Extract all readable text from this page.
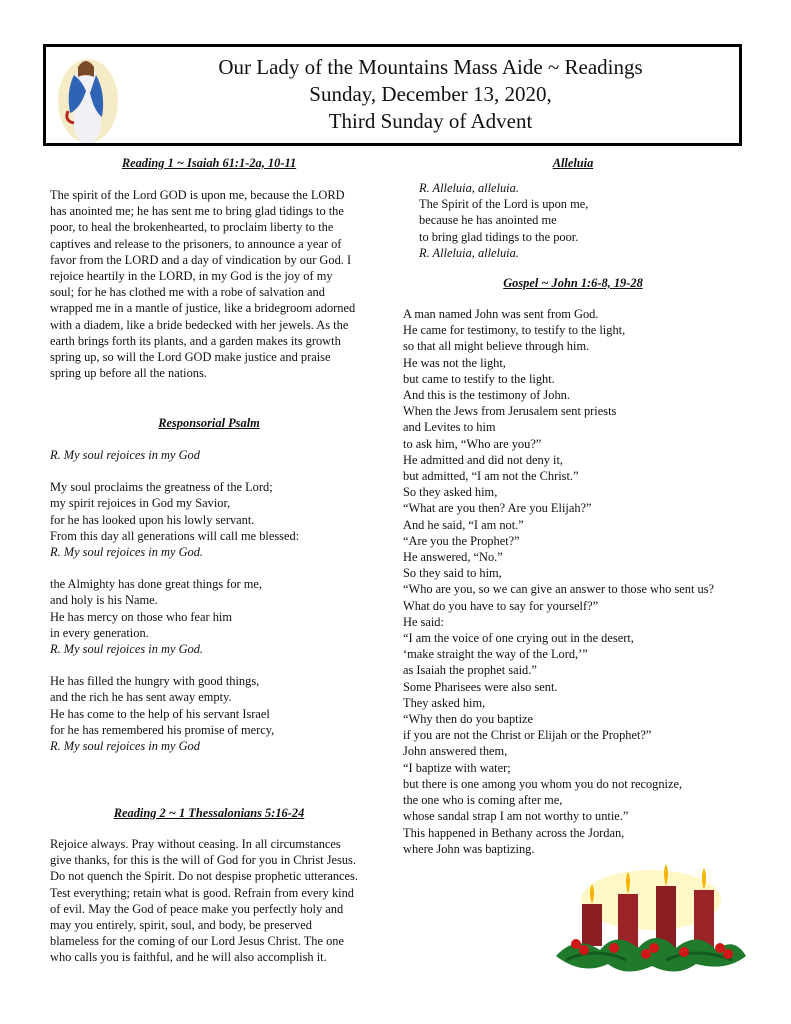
Our Lady of the Mountains Mass Aide ~ Readings
Sunday, December 13, 2020,
Third Sunday of Advent
Reading 1 ~ Isaiah 61:1-2a, 10-11
The spirit of the Lord GOD is upon me, because the LORD
has anointed me; he has sent me to bring glad tidings to the
poor, to heal the brokenhearted, to proclaim liberty to the
captives and release to the prisoners, to announce a year of
favor from the LORD and a day of vindication by our God. I
rejoice heartily in the LORD, in my God is the joy of my
soul; for he has clothed me with a robe of salvation and
wrapped me in a mantle of justice, like a bridegroom adorned
with a diadem, like a bride bedecked with her jewels. As the
earth brings forth its plants, and a garden makes its growth
spring up, so will the Lord GOD make justice and praise
spring up before all the nations.
Responsorial Psalm
R. My soul rejoices in my God
My soul proclaims the greatness of the Lord;
my spirit rejoices in God my Savior,
for he has looked upon his lowly servant.
From this day all generations will call me blessed:
R. My soul rejoices in my God.
the Almighty has done great things for me,
and holy is his Name.
He has mercy on those who fear him
in every generation.
R. My soul rejoices in my God.
He has filled the hungry with good things,
and the rich he has sent away empty.
He has come to the help of his servant Israel
for he has remembered his promise of mercy,
R. My soul rejoices in my God
Reading 2 ~ 1 Thessalonians 5:16-24
Rejoice always. Pray without ceasing. In all circumstances
give thanks, for this is the will of God for you in Christ Jesus.
Do not quench the Spirit. Do not despise prophetic utterances.
Test everything; retain what is good. Refrain from every kind
of evil. May the God of peace make you perfectly holy and
may you entirely, spirit, soul, and body, be preserved
blameless for the coming of our Lord Jesus Christ. The one
who calls you is faithful, and he will also accomplish it.
Alleluia
R. Alleluia, alleluia.
The Spirit of the Lord is upon me,
because he has anointed me
to bring glad tidings to the poor.
R. Alleluia, alleluia.
Gospel ~ John 1:6-8, 19-28
A man named John was sent from God.
He came for testimony, to testify to the light,
so that all might believe through him.
He was not the light,
but came to testify to the light.
And this is the testimony of John.
When the Jews from Jerusalem sent priests
and Levites to him
to ask him, “Who are you?”
He admitted and did not deny it,
but admitted, “I am not the Christ.”
So they asked him,
“What are you then? Are you Elijah?”
And he said, “I am not.”
“Are you the Prophet?”
He answered, “No.”
So they said to him,
“Who are you, so we can give an answer to those who sent us?
What do you have to say for yourself?”
He said:
“I am the voice of one crying out in the desert,
‘make straight the way of the Lord,’”
as Isaiah the prophet said.”
Some Pharisees were also sent.
They asked him,
“Why then do you baptize
if you are not the Christ or Elijah or the Prophet?”
John answered them,
“I baptize with water;
but there is one among you whom you do not recognize,
the one who is coming after me,
whose sandal strap I am not worthy to untie.”
This happened in Bethany across the Jordan,
where John was baptizing.
